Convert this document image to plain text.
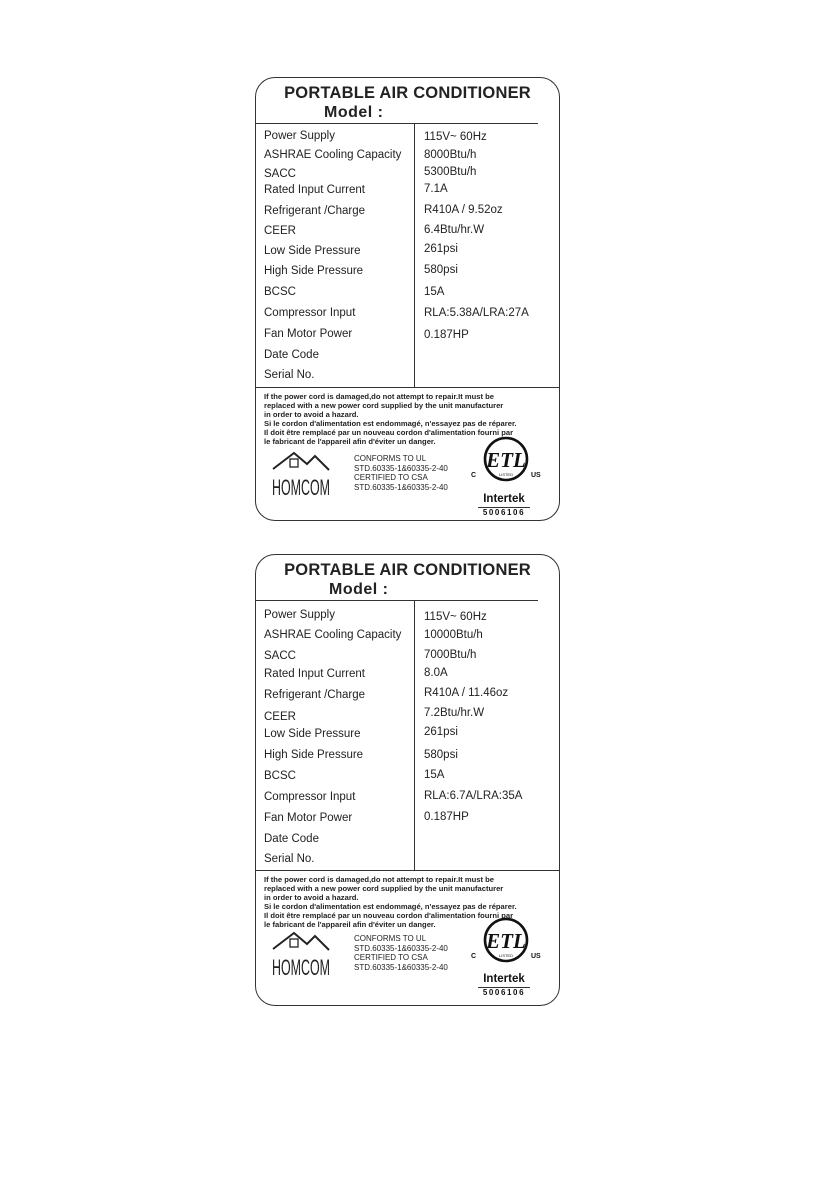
PORTABLE AIR CONDITIONER
Model :
Power Supply	115V~ 60Hz
ASHRAE Cooling Capacity 8000Btu/h
SACC	5300Btu/h
Rated Input Current	7.1A
Refrigerant /Charge	R410A / 9.52oz
CEER	6.4Btu/hr.W
Low Side Pressure	261psi
High Side Pressure	580psi
BCSC	15A
Compressor Input	RLA:5.38A/LRA:27A
Fan Motor Power	0.187HP
Date Code
Serial No.
If the power cord is damaged,do not attempt to repair.It must be
replaced with a new power cord supplied by the unit manufacturer
in order to avoid a hazard.
Si le cordon d'alimentation est endommagé, n'essayez pas de réparer.
Il doit être remplacé par un nouveau cordon d'alimentation fourni par
le fabricant de l'appareil afin d'éviter un danger.
HOMCOM
CONFORMS TO UL
STD.60335-1&60335-2-40
CERTIFIED TO CSA
STD.60335-1&60335-2-40
ETL
LISTED
C	US
Intertek
5006106
PORTABLE AIR CONDITIONER
Model :
Power Supply	115V~ 60Hz
ASHRAE Cooling Capacity 10000Btu/h
SACC	7000Btu/h
Rated Input Current	8.0A
Refrigerant /Charge	R410A / 11.46oz
CEER	7.2Btu/hr.W
Low Side Pressure	261psi
High Side Pressure	580psi
BCSC	15A
Compressor Input	RLA:6.7A/LRA:35A
Fan Motor Power	0.187HP
Date Code
Serial No.
If the power cord is damaged,do not attempt to repair.It must be
replaced with a new power cord supplied by the unit manufacturer
in order to avoid a hazard.
Si le cordon d'alimentation est endommagé, n'essayez pas de réparer.
Il doit être remplacé par un nouveau cordon d'alimentation fourni par
le fabricant de l'appareil afin d'éviter un danger.
HOMCOM
CONFORMS TO UL
STD.60335-1&60335-2-40
CERTIFIED TO CSA
STD.60335-1&60335-2-40
ETL
LISTED
C	US
Intertek
5006106
